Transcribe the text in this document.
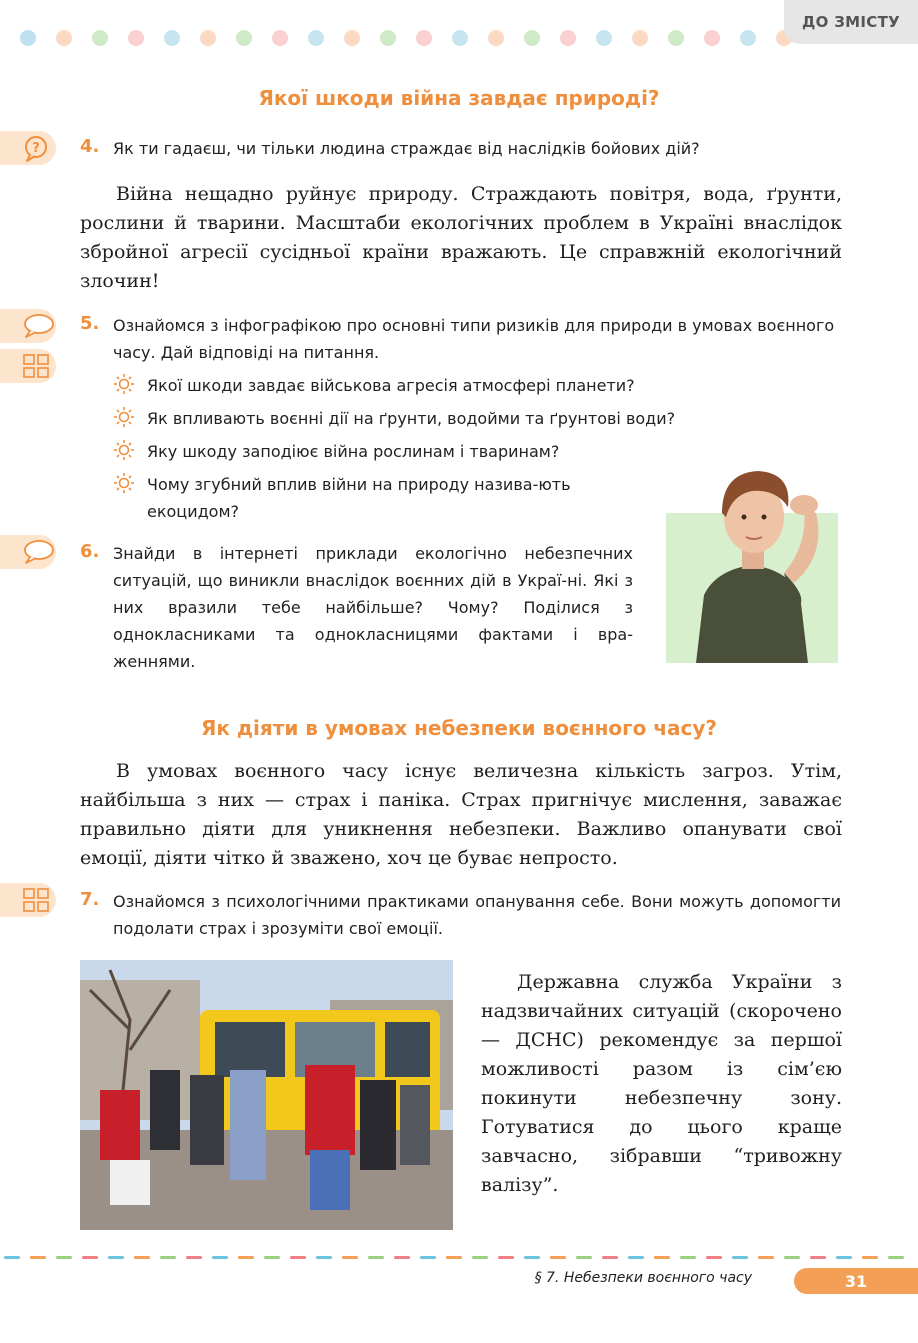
ДО ЗМІСТУ
Якої шкоди війна завдає природі?
? 4. Як ти гадаєш, чи тільки людина страждає від наслідків бойових дій?
Війна нещадно руйнує природу. Страждають повітря, вода, ґрунти, рослини й тварини. Масштаби екологічних проблем в Україні внаслідок збройної агресії сусідньої країни вражають. Це справжній екологічний злочин!
5. Ознайомся з інфографікою про основні типи ризиків для природи в умовах воєнного часу. Дай відповіді на питання.
Якої шкоди завдає військова агресія атмосфері планети?
Як впливають воєнні дії на ґрунти, водойми та ґрунтові води?
Яку шкоду заподіює війна рослинам і тваринам?
Чому згубний вплив війни на природу назива-ють екоцидом?
6. Знайди в інтернеті приклади екологічно небезпечних ситуацій, що виникли внаслідок воєнних дій в Украї-ні. Які з них вразили тебе найбільше? Чому? Поділися з однокласниками та однокласницями фактами і вра-женнями.
Як діяти в умовах небезпеки воєнного часу?
В умовах воєнного часу існує величезна кількість загроз. Утім, найбільша з них — страх і паніка. Страх пригнічує мислення, заважає правильно діяти для уникнення небезпеки. Важливо опанувати свої емоції, діяти чітко й зважено, хоч це буває непросто.
7. Ознайомся з психологічними практиками опанування себе. Вони можуть допомогти подолати страх і зрозуміти свої емоції.
Державна служба України з надзвичайних ситуацій (скорочено — ДСНС) рекомендує за першої можливості разом із сім’єю покинути небезпечну зону. Готуватися до цього краще завчасно, зібравши “тривожну валізу”.
§ 7. Небезпеки воєнного часу	31
